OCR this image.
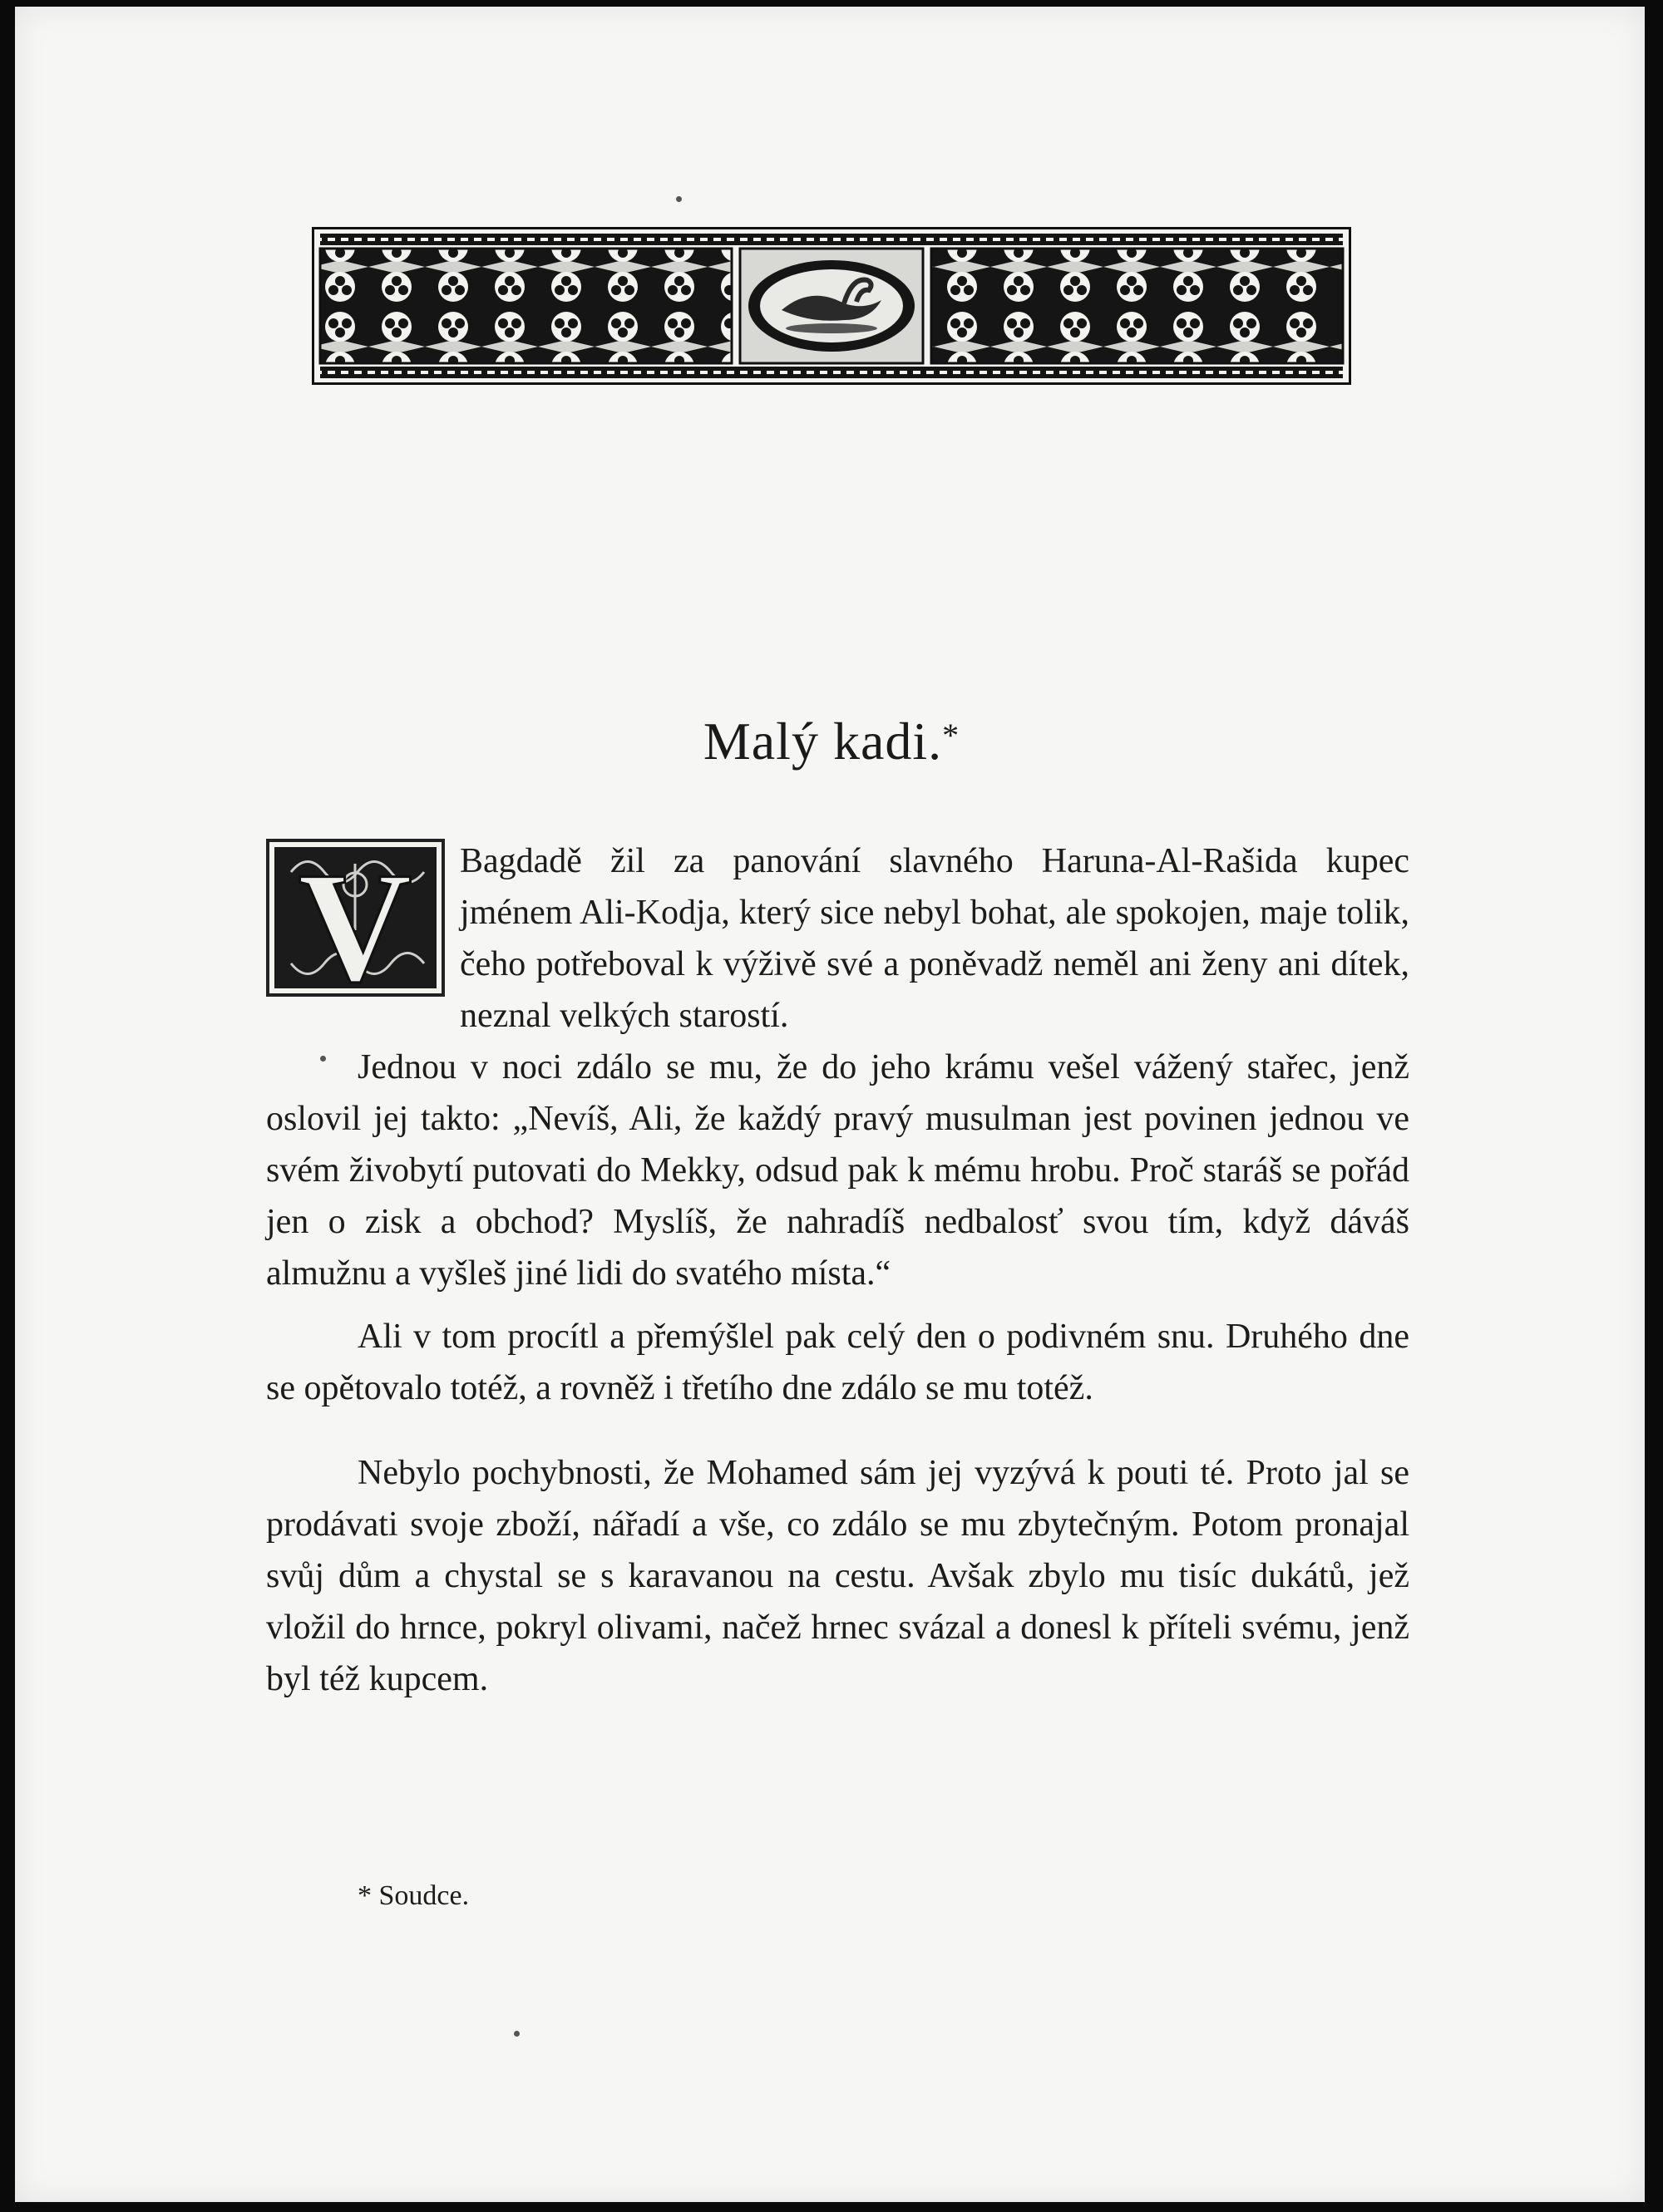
Malý kadi.*

V Bagdadě žil za panování slavného Haruna-Al-Rašida kupec jménem Ali-Kodja, který sice nebyl bohat, ale spokojen, maje tolik, čeho potřeboval k výživě své a poněvadž neměl ani ženy ani dítek, neznal velkých starostí.

Jednou v noci zdálo se mu, že do jeho krámu vešel vážený stařec, jenž oslovil jej takto: „Nevíš, Ali, že každý pravý musulman jest povinen jednou ve svém živobytí putovati do Mekky, odsud pak k mému hrobu. Proč staráš se pořád jen o zisk a obchod? Myslíš, že nahradíš nedbalosť svou tím, když dáváš almužnu a vyšleš jiné lidi do svatého místa.“

Ali v tom procítl a přemýšlel pak celý den o podivném snu. Druhého dne se opětovalo totéž, a rovněž i třetího dne zdálo se mu totéž.

Nebylo pochybnosti, že Mohamed sám jej vyzývá k pouti té. Proto jal se prodávati svoje zboží, nářadí a vše, co zdálo se mu zbytečným. Potom pronajal svůj dům a chystal se s karavanou na cestu. Avšak zbylo mu tisíc dukátů, jež vložil do hrnce, pokryl olivami, načež hrnec svázal a donesl k příteli svému, jenž byl též kupcem.

* Soudce.
